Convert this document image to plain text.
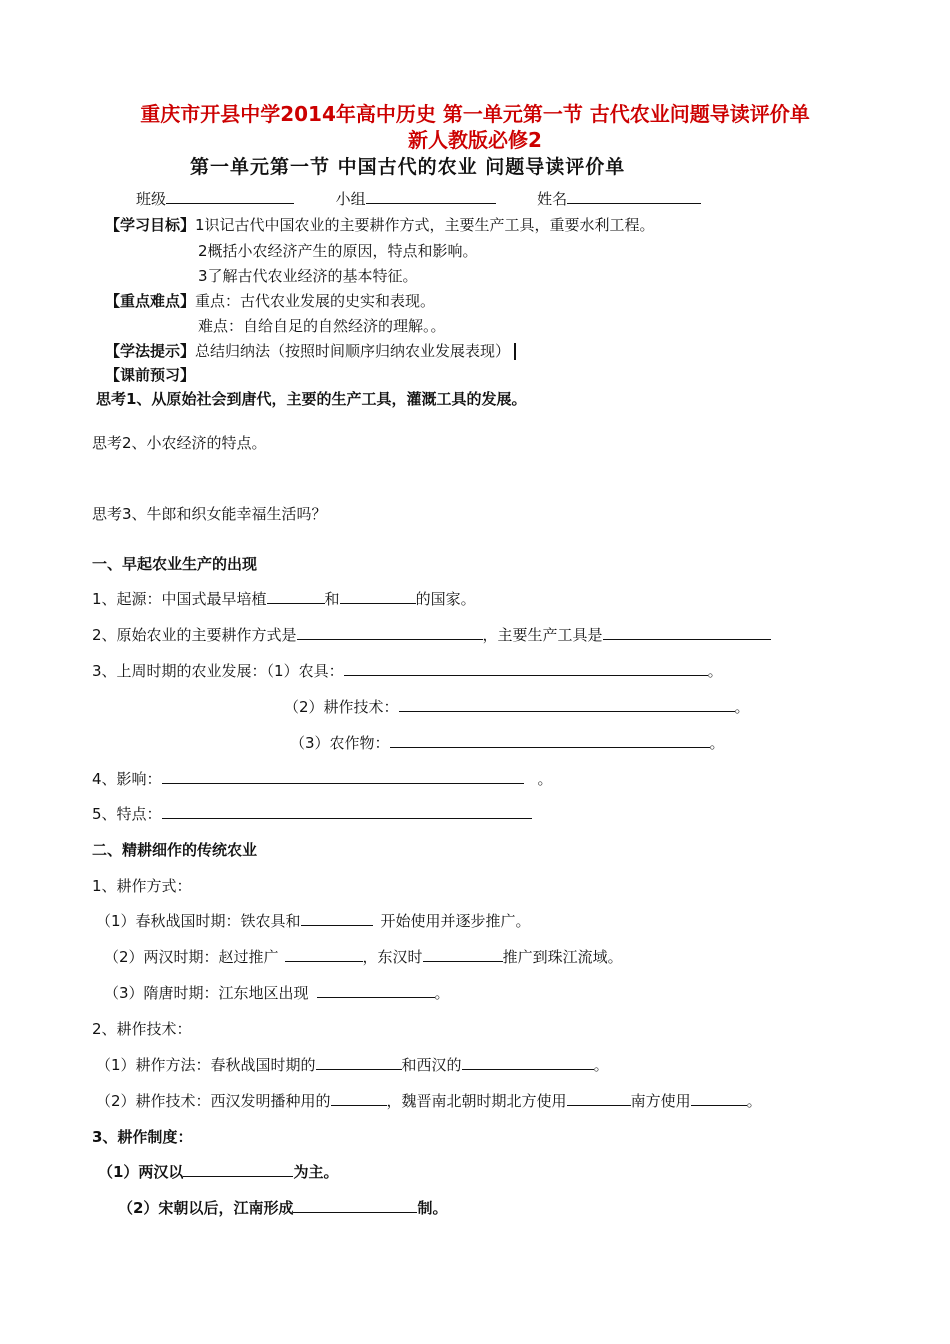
重庆市开县中学2014年高中历史 第一单元第一节 古代农业问题导读评价单
新人教版必修2
第一单元第一节 中国古代的农业 问题导读评价单
班级	小组	姓名
【学习目标】1识记古代中国农业的主要耕作方式，主要生产工具，重要水利工程。
2概括小农经济产生的原因，特点和影响。
3了解古代农业经济的基本特征。
【重点难点】重点：古代农业发展的史实和表现。
难点：自给自足的自然经济的理解。。
【学法提示】总结归纳法（按照时间顺序归纳农业发展表现）
【课前预习】
思考1、从原始社会到唐代，主要的生产工具，灌溉工具的发展。
思考2、小农经济的特点。
思考3、牛郎和织女能幸福生活吗？
一、早起农业生产的出现
1、起源：中国式最早培植	和	的国家。
2、原始农业的主要耕作方式是	，主要生产工具是
3、上周时期的农业发展：（1）农具：	。
（2）耕作技术：	。
（3）农作物：	。
4、影响：	。
5、特点：
二、精耕细作的传统农业
1、耕作方式：
（1）春秋战国时期：铁农具和	开始使用并逐步推广。
（2）两汉时期：赵过推广	，东汉时	推广到珠江流域。
（3）隋唐时期：江东地区出现	。
2、耕作技术：
（1）耕作方法：春秋战国时期的	和西汉的	。
（2）耕作技术：西汉发明播种用的	，魏晋南北朝时期北方使用	南方使用	。
3、耕作制度：
（1）两汉以	为主。
（2）宋朝以后，江南形成	制。
